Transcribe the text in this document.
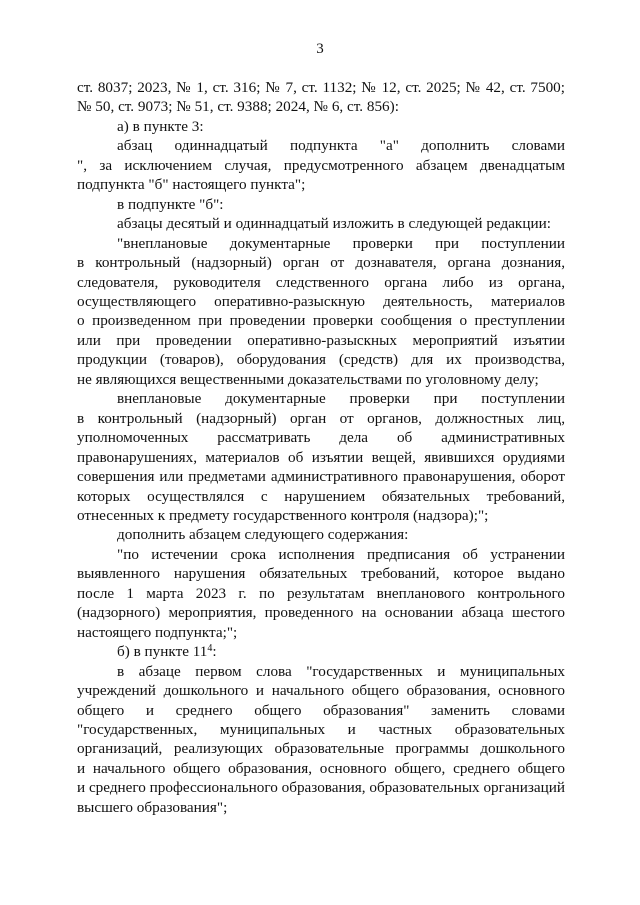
3
ст. 8037; 2023, № 1, ст. 316; № 7, ст. 1132; № 12, ст. 2025; № 42, ст. 7500;
№ 50, ст. 9073; № 51, ст. 9388; 2024, № 6, ст. 856):
а) в пункте 3:
абзац одиннадцатый подпункта "а" дополнить словами
", за исключением случая, предусмотренного абзацем двенадцатым
подпункта "б" настоящего пункта";
в подпункте "б":
абзацы десятый и одиннадцатый изложить в следующей редакции:
"внеплановые документарные проверки при поступлении
в контрольный (надзорный) орган от дознавателя, органа дознания,
следователя, руководителя следственного органа либо из органа,
осуществляющего оперативно-разыскную деятельность, материалов
о произведенном при проведении проверки сообщения о преступлении
или при проведении оперативно-разыскных мероприятий изъятии
продукции (товаров), оборудования (средств) для их производства,
не являющихся вещественными доказательствами по уголовному делу;
внеплановые документарные проверки при поступлении
в контрольный (надзорный) орган от органов, должностных лиц,
уполномоченных рассматривать дела об административных
правонарушениях, материалов об изъятии вещей, явившихся орудиями
совершения или предметами административного правонарушения, оборот
которых осуществлялся с нарушением обязательных требований,
отнесенных к предмету государственного контроля (надзора);";
дополнить абзацем следующего содержания:
"по истечении срока исполнения предписания об устранении
выявленного нарушения обязательных требований, которое выдано
после 1 марта 2023 г. по результатам внепланового контрольного
(надзорного) мероприятия, проведенного на основании абзаца шестого
настоящего подпункта;";
б) в пункте $11^4$:
в абзаце первом слова "государственных и муниципальных
учреждений дошкольного и начального общего образования, основного
общего и среднего общего образования" заменить словами
"государственных, муниципальных и частных образовательных
организаций, реализующих образовательные программы дошкольного
и начального общего образования, основного общего, среднего общего
и среднего профессионального образования, образовательных организаций
высшего образования";
